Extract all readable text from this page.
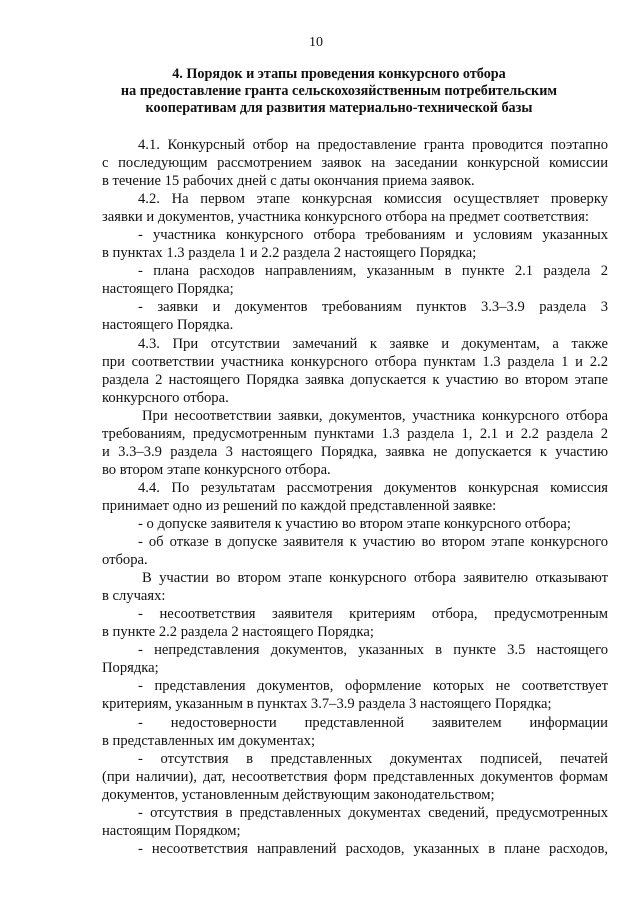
10
4. Порядок и этапы проведения конкурсного отбора
на предоставление гранта сельскохозяйственным потребительским
кооперативам для развития материально-технической базы

4.1. Конкурсный отбор на предоставление гранта проводится поэтапно

с последующим рассмотрением заявок на заседании конкурсной комиссии

в течение 15 рабочих дней с даты окончания приема заявок.

4.2. На первом этапе конкурсная комиссия осуществляет проверку

заявки и документов, участника конкурсного отбора на предмет соответствия:

- участника конкурсного отбора требованиям и условиям указанных

в пунктах 1.3 раздела 1 и 2.2 раздела 2 настоящего Порядка;

- плана расходов направлениям, указанным в пункте 2.1 раздела 2

настоящего Порядка;

- заявки и документов требованиям пунктов 3.3–3.9 раздела 3

настоящего Порядка.

4.3. При отсутствии замечаний к заявке и документам, а также

при соответствии участника конкурсного отбора пунктам 1.3 раздела 1 и 2.2

раздела 2 настоящего Порядка заявка допускается к участию во втором этапе

конкурсного отбора.

При несоответствии заявки, документов, участника конкурсного отбора

требованиям, предусмотренным пунктами 1.3 раздела 1, 2.1 и 2.2 раздела 2

и 3.3–3.9 раздела 3 настоящего Порядка, заявка не допускается к участию

во втором этапе конкурсного отбора.

4.4. По результатам рассмотрения документов конкурсная комиссия

принимает одно из решений по каждой представленной заявке:

- о допуске заявителя к участию во втором этапе конкурсного отбора;

- об отказе в допуске заявителя к участию во втором этапе конкурсного

отбора.

В участии во втором этапе конкурсного отбора заявителю отказывают

в случаях:

- несоответствия заявителя критериям отбора, предусмотренным

в пункте 2.2 раздела 2 настоящего Порядка;

- непредставления документов, указанных в пункте 3.5 настоящего

Порядка;

- представления документов, оформление которых не соответствует

критериям, указанным в пунктах 3.7–3.9 раздела 3 настоящего Порядка;

- недостоверности представленной заявителем информации

в представленных им документах;

- отсутствия в представленных документах подписей, печатей

(при наличии), дат, несоответствия форм представленных документов формам

документов, установленным действующим законодательством;

- отсутствия в представленных документах сведений, предусмотренных

настоящим Порядком;

- несоответствия направлений расходов, указанных в плане расходов,
